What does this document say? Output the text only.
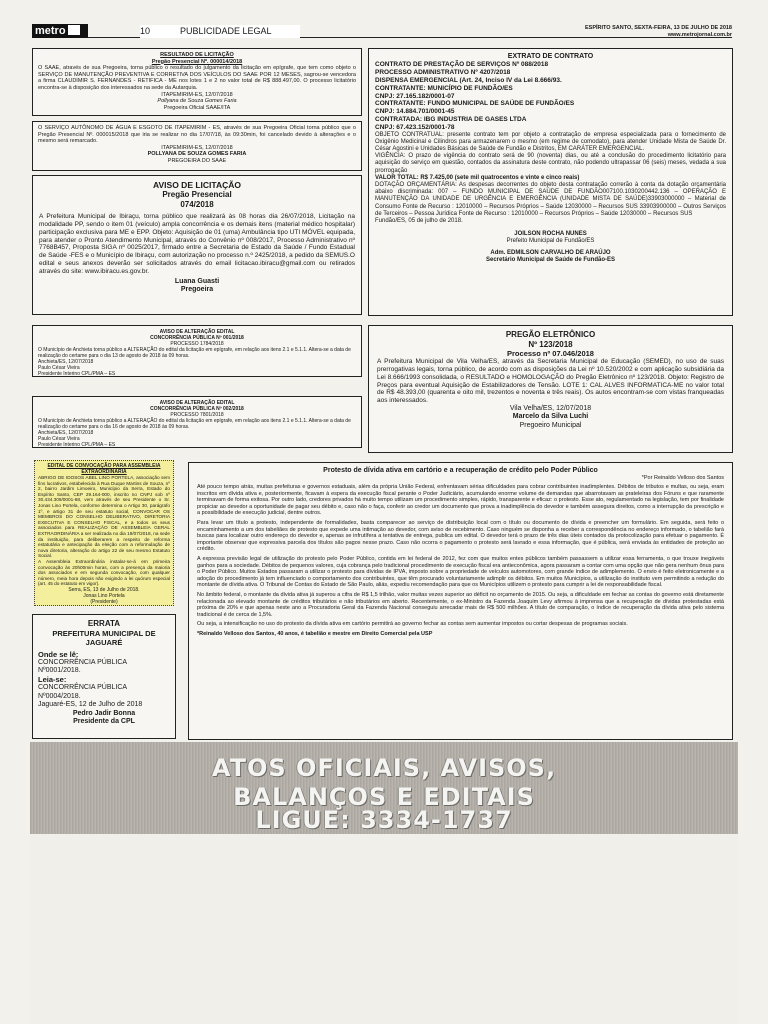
metro	10	PUBLICIDADE LEGAL	ESPÍRITO SANTO, SEXTA-FEIRA, 13 DE JULHO DE 2018
www.metrojornal.com.br
RESULTADO DE LICITAÇÃO
Pregão Presencial Nº. 000014/2018

O SAAE, através de sua Pregoeira, torna público o resultado do julgamento da licitação em epígrafe, que tem como objeto o SERVIÇO DE MANUTENÇÃO PREVENTIVA E CORRETIVA DOS VEÍCULOS DO SAAE POR 12 MESES, sagrou-se vencedora a firma CLAUDIMIR S. FERNANDES - RETIFICA - ME nos lotes 1 e 2 no valor total de R$ 888.497,00. O processo licitatório encontra-se à disposição dos interessados na sede da Autarquia.

ITAPEMIRIM-ES, 12/07/2018
Pollyana de Souza Gomes Faria
Pregoeira Oficial SAAE/ITA

O SERVIÇO AUTÔNOMO DE ÁGUA E ESGOTO DE ITAPEMIRIM - ES, através de sua Pregoeira Oficial torna público que o Pregão Presencial Nº. 000015/2018 que iria se realizar no dia 17/07/18, às 09:30min, foi cancelado devido à alterações e o mesmo será remarcado.

ITAPEMIRIM-ES, 12/07/2018
POLLYANA DE SOUZA GOMES FARIA
PREGOEIRA DO SAAE
AVISO DE LICITAÇÃO
Pregão Presencial
074/2018

A Prefeitura Municipal de Ibiraçu, torna público que realizará às 08 horas dia 26/07/2018, Licitação na modalidade PP, sendo o item 01 (veículo) ampla concorrência e os demais itens (material médico hospitalar) participação exclusiva para ME e EPP. Objeto: Aquisição de 01 (uma) Ambulância tipo UTI MÓVEL equipada, para atender o Pronto Atendimento Municipal, através do Convênio nº 008/2017, Processo Administrativo nº 7768B457, Proposta SIGA nº 0025/2017, firmado entre a Secretaria de Estado da Saúde / Fundo Estadual de Saúde -FES e o Município de Ibiraçu, com autorização no processo n.º 2425/2018, a pedido da SEMUS.O edital e seus anexos deverão ser solicitados através do email licitacao.ibiracu@gmail.com ou retirados através do site: www.ibiracu.es.gov.br.

Luana Guasti
Pregoeira
AVISO DE ALTERAÇÃO EDITAL
CONCORRÊNCIA PÚBLICA Nº 001/2018
PROCESSO 1784/2018

O Município de Anchieta torna público a ALTERAÇÃO do edital da licitação em epígrafe, em relação aos itens 2.1 e 5.1.1. Altera-se a data de realização do certame para o dia 13 de agosto de 2018 às 09 horas.

Anchieta/ES, 12/07/2018
Paulo César Vieira
Presidente Interino CPL/PMA – ES
AVISO DE ALTERAÇÃO EDITAL
CONCORRÊNCIA PÚBLICA Nº 002/2018
PROCESSO 7801/2018

O Município de Anchieta torna público a ALTERAÇÃO do edital da licitação em epígrafe, em relação aos itens 2.1 e 5.1.1. Altera-se a data de realização do certame para o dia 16 de agosto de 2018 às 09 horas.

Anchieta/ES, 12/07/2018
Paulo César Vieira
Presidente Interino CPL/PMA – ES
EDITAL DE CONVOCAÇÃO PARA ASSEMBLEIA EXTRAORDINÁRIA

ABRIGO DE IDOSOS ABEL LINO PORTELA, associação sem fins lucrativos, estabelecida à Rua Duque Martins de Souza, nº 2, bairro Jardim Limoeiro, Município da Serra, Estado do Espírito Santo, CEP 29.164-000, inscrito no CNPJ sob nº 30.434.309/0001-68, vem através de seu Presidente o Sr. Jonas Lino Portela, conforme determina o Artigo 30, parágrafo 1º, e artigo 31 de seu estatuto social, CONVOCAR OS MEMBROS DO CONSELHO DELIBERATIVO, DIRETORIA EXECUTIVA E CONSELHO FISCAL, e a todos os seus associados para REALIZAÇÃO DE ASSEMBLEIA GERAL EXTRAORDINÁRIA a ser realizada no dia 19/07/2018, na sede da instituição, para deliberarem a respeito de reforma estatutária e antecipação da eleição com a reformulação de nova diretoria, alteração do artigo 22 de seu mesmo Estatuto Social.

A Assembleia Extraordinária instalar-se-á em primeira convocação às 20h00min horas, com a presença da maioria dos associados e em segunda convocação, com qualquer número, meia hora depois não exigindo a lei quórum especial (art. 45 do estatuto em vigor).

Serra, ES, 13 de Julho de 2018.
Jonas Lino Portela
(Presidente)
ERRATA
PREFEITURA MUNICIPAL DE JAGUARÉ
Onde se lê:
CONCORRÊNCIA PÚBLICA Nº0001/2018.
Leia-se:
CONCORRÊNCIA PÚBLICA Nº0004/2018.
Jaguaré-ES, 12 de Julho de 2018
Pedro Jadir Bonna
Presidente da CPL
EXTRATO DE CONTRATO
CONTRATO DE PRESTAÇÃO DE SERVIÇOS Nº 088/2018
PROCESSO ADMINISTRATIVO Nº 4207/2018
DISPENSA EMERGENCIAL (Art. 24, Inciso IV da Lei 8.666/93.
CONTRATANTE: MUNICÍPIO DE FUNDÃO/ES
CNPJ: 27.165.182/0001-07
CONTRATANTE: FUNDO MUNICIPAL DE SAÚDE DE FUNDÃO/ES
CNPJ: 14.884.701/0001-45
CONTRATADA: IBG INDUSTRIA DE GASES LTDA
CNPJ: 67.423.152/0001-78

OBJETO CONTRATUAL: presente contrato tem por objeto a contratação de empresa especializada para o fornecimento de Oxigênio Medicinal e Cilindros para armazenarem o mesmo (em regime de comodato), para atender Unidade Mista de Saúde Dr. César Agostini e Unidades Básicas de Saúde de Fundão e Distritos, EM CARÁTER EMERGENCIAL.

VIGÊNCIA: O prazo de vigência do contrato será de 90 (noventa) dias, ou até a conclusão do procedimento licitatório para aquisição do serviço em questão, contados da assinatura deste contrato, não podendo ultrapassar 06 (seis) meses, vedada a sua prorrogação

VALOR TOTAL: R$ 7.425,00 (sete mil quatrocentos e vinte e cinco reais)

DOTAÇÃO ORÇAMENTÁRIA: As despesas decorrentes do objeto desta contratação correrão à conta da dotação orçamentária abaixo discriminada: 007 – FUNDO MUNICIPAL DE SAÚDE DE FUNDÃO007100.1030200442.136 – OPERAÇÃO E MANUTENÇÃO DA UNIDADE DE URGÊNCIA E EMERGÊNCIA (UNIDADE MISTA DE SAÚDE)33903000000 – Material de Consumo Fonte de Recurso : 12010000 – Recursos Próprios – Saúde 12030000 – Recursos SUS 33903900000 – Outros Serviços de Terceiros – Pessoa Jurídica Fonte de Recurso : 12010000 – Recursos Próprios – Saúde 12030000 – Recursos SUS

Fundão/ES, 05 de julho de 2018.
JOILSON ROCHA NUNES
Prefeito Municipal de Fundão/ES
Adm. EDMILSON CARVALHO DE ARAÚJO
Secretário Municipal de Saúde de Fundão-ES
PREGÃO ELETRÔNICO
Nº 123/2018
Processo nº 07.046/2018

A Prefeitura Municipal de Vila Velha/ES, através da Secretaria Municipal de Educação (SEMED), no uso de suas prerrogativas legais, torna público, de acordo com as disposições da Lei nº 10.520/2002 e com aplicação subsidiária da Lei 8.666/1993 consolidada, o RESULTADO e HOMOLOGAÇÃO do Pregão Eletrônico nº 123/2018. Objeto: Registro de Preços para eventual Aquisição de Estabilizadores de Tensão. LOTE 1: CAL ALVES INFORMATICA-ME no valor total de R$ 48.393,00 (quarenta e oito mil, trezentos e noventa e três reais). Os autos encontram-se com vistas franqueadas aos interessados.

Vila Velha/ES, 12/07/2018
Marcelo da Silva Luchi
Pregoeiro Municipal
Protesto de dívida ativa em cartório e a recuperação de crédito pelo Poder Público
*Por Reinaldo Velloso dos Santos

Até pouco tempo atrás, muitas prefeituras e governos estaduais, além da própria União Federal, enfrentavam sérias dificuldades para cobrar contribuintes inadimplentes. Débitos de tributos e multas, ou seja, eram inscritos em dívida ativa e, posteriormente, ficavam à espera da execução fiscal perante o Poder Judiciário, acumulando enorme volume de demandas que abarrotavam as prateleiras dos Fóruns e que raramente terminavam de forma exitosa. Por outro lado, credores privados há muito tempo utilizam um procedimento simples, rápido, transparente e eficaz: o protesto. Esse ato, regulamentado na legislação, tem por finalidade propiciar ao devedor a oportunidade de pagar seu débito e, caso não o faça, conferir ao credor um documento que prova a inadimplência do devedor e também assegura direitos, como a interrupção da prescrição e a possibilidade de execução judicial, dentre outros.

Para levar um título a protesto, independente de formalidades, basta comparecer ao serviço de distribuição local com o título ou documento de dívida e preencher um formulário. Em seguida, será feito o encaminhamento a um dos tabeliães de protesto que expede uma intimação ao devedor, com aviso de recebimento. Caso ninguém se disponha a receber a correspondência no endereço informado, o tabelião fará buscas para localizar outro endereço do devedor e, apenas se infrutífera a tentativa de entrega, publica um edital. O devedor terá o prazo de três dias úteis contados da protocolização para efetuar o pagamento. É importante observar que expressiva parcela dos títulos são pagos nesse prazo. Caso não ocorra o pagamento o protesto será lavrado e essa informação, que é pública, será enviada às entidades de proteção ao crédito.

A expressa previsão legal de utilização do protesto pelo Poder Público, contida em lei federal de 2012, fez com que muitos entes públicos também passassem a utilizar essa ferramenta, o que trouxe inegáveis ganhos para a sociedade. Débitos de pequenos valores, cuja cobrança pelo tradicional procedimento de execução fiscal era antieconômica, agora passaram a contar com uma opção que não gera nenhum ônus para o Poder Público. Muitos Estados passaram a utilizar o protesto para dívidas de IPVA, imposto sobre a propriedade de veículos automotores, com grande índice de adimplemento. O envio é feito eletronicamente e a adoção do procedimento já tem influenciado o comportamento dos contribuintes, que têm procurado voluntariamente adimplir os débitos. Em muitos Municípios, a utilização do instituto vem permitindo a redução do montante de dívida ativa. O Tribunal de Contas do Estado de São Paulo, aliás, expediu recomendação para que os Municípios utilizem o protesto para cumprir a lei de responsabilidade fiscal.

No âmbito federal, o montante da dívida ativa já superou a cifra de R$ 1,5 trilhão, valor muitas vezes superior ao déficit no orçamento de 2015. Ou seja, a dificuldade em fechar as contas do governo está diretamente relacionada ao elevado montante de créditos tributários e não tributários em aberto. Recentemente, o ex-Ministro da Fazenda Joaquim Levy afirmou à imprensa que a recuperação de dívidas protestadas está próxima de 20% e que apenas neste ano a Procuradoria Geral da Fazenda Nacional conseguiu arrecadar mais de R$ 500 milhões. A título de comparação, o índice de recuperação da dívida ativa pelo sistema tradicional é de cerca de 1,5%.

Ou seja, a intensificação no uso do protesto da dívida ativa em cartório permitirá ao governo fechar as contas sem aumentar impostos ou cortar despesas de programas sociais.

*Reinaldo Velloso dos Santos, 40 anos, é tabelião e mestre em Direito Comercial pela USP
ATOS OFICIAIS, AVISOS,
BALANÇOS E EDITAIS
LIGUE: 3334-1737
